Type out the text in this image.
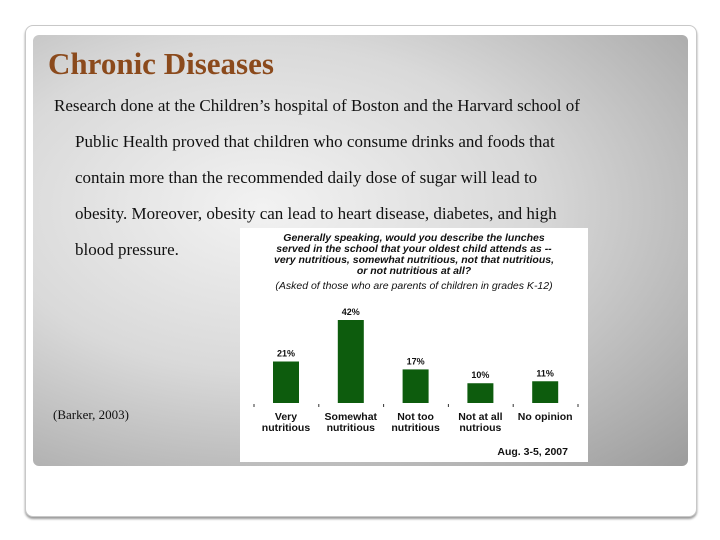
Chronic Diseases
Research done at the Children’s hospital of Boston and the Harvard school of
Public Health proved that children who consume drinks and foods that
contain more than the recommended daily dose of sugar will lead to
obesity. Moreover, obesity can lead to heart disease, diabetes, and high
blood pressure.
(Barker, 2003)
Generally speaking, would you describe the lunches
served in the school that your oldest child attends as --
very nutritious, somewhat nutritious, not that nutritious,
or not nutritious at all?
(Asked of those who are parents of children in grades K-12)
21%
Very
nutritious
42%
Somewhat
nutritious
17%
Not too
nutritious
10%
Not at all
nutrious
11%
No opinion
Aug. 3-5, 2007
